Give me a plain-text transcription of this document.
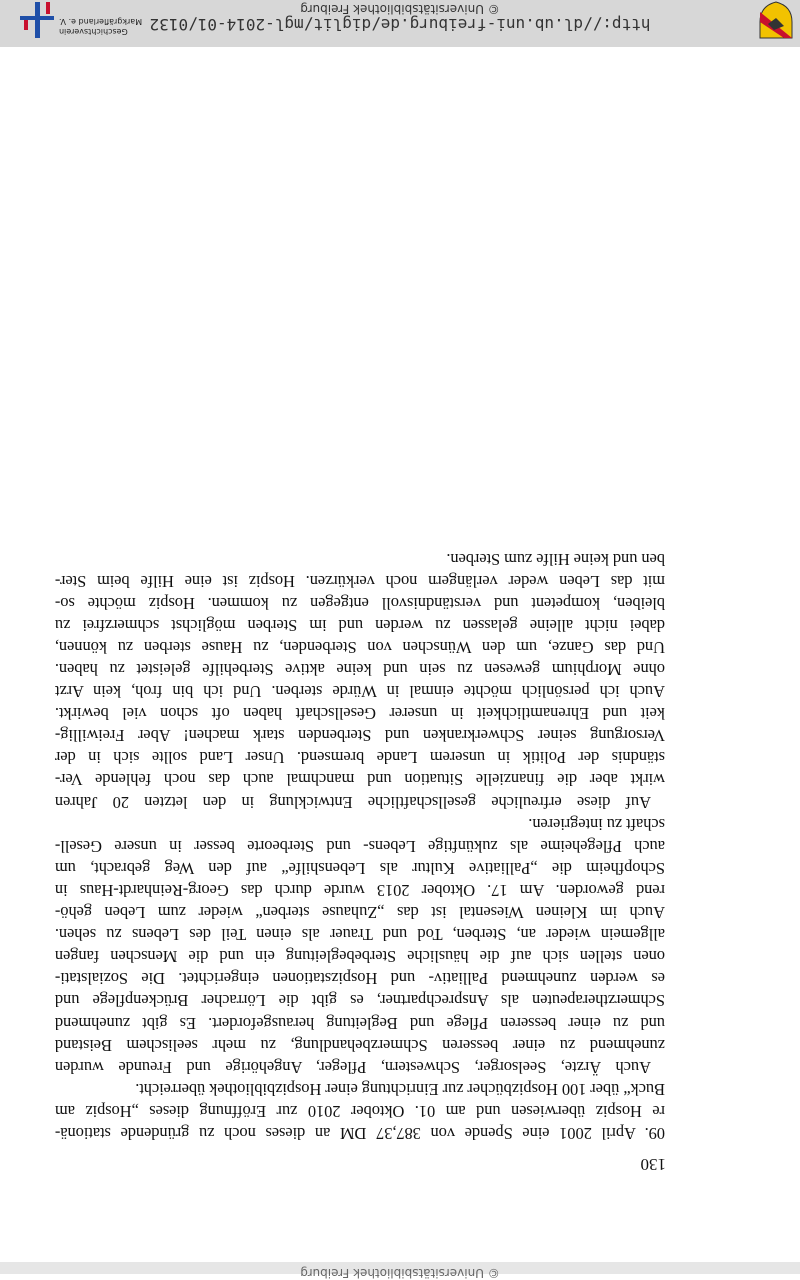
© Universitätsbibliothek Freiburg
130
09. April 2001 eine Spende von 387,37 DM an dieses noch zu gründende stationä-
re Hospiz überwiesen und am 01. Oktober 2010 zur Eröffnung dieses „Hospiz am
Buck“ über 100 Hospizbücher zur Einrichtung einer Hospizbibliothek überreicht.
Auch Ärzte, Seelsorger, Schwestern, Pfleger, Angehörige und Freunde wurden
zunehmend zu einer besseren Schmerzbehandlung, zu mehr seelischem Beistand
und zu einer besseren Pflege und Begleitung herausgefordert. Es gibt zunehmend
Schmerztherapeuten als Ansprechpartner, es gibt die Lörracher Brückenpflege und
es werden zunehmend Palliativ- und Hospizstationen eingerichtet. Die Sozialstati-
onen stellen sich auf die häusliche Sterbebegleitung ein und die Menschen fangen
allgemein wieder an, Sterben, Tod und Trauer als einen Teil des Lebens zu sehen.
Auch im Kleinen Wiesental ist das „Zuhause sterben“ wieder zum Leben gehö-
rend geworden. Am 17. Oktober 2013 wurde durch das Georg-Reinhardt-Haus in
Schopfheim die „Palliative Kultur als Lebenshilfe“ auf den Weg gebracht, um
auch Pflegeheime als zukünftige Lebens- und Sterbeorte besser in unsere Gesell-
schaft zu integrieren.
Auf diese erfreuliche gesellschaftliche Entwicklung in den letzten 20 Jahren
wirkt aber die finanzielle Situation und manchmal auch das noch fehlende Ver-
ständnis der Politik in unserem Lande bremsend. Unser Land sollte sich in der
Versorgung seiner Schwerkranken und Sterbenden stark machen! Aber Freiwillig-
keit und Ehrenamtlichkeit in unserer Gesellschaft haben oft schon viel bewirkt.
Auch ich persönlich möchte einmal in Würde sterben. Und ich bin froh, kein Arzt
ohne Morphium gewesen zu sein und keine aktive Sterbehilfe geleistet zu haben.
Und das Ganze, um den Wünschen von Sterbenden, zu Hause sterben zu können,
dabei nicht alleine gelassen zu werden und im Sterben möglichst schmerzfrei zu
bleiben, kompetent und verständnisvoll entgegen zu kommen. Hospiz möchte so-
mit das Leben weder verlängern noch verkürzen. Hospiz ist eine Hilfe beim Ster-
ben und keine Hilfe zum Sterben.
Geschichtsverein
Markgräflerland e. V. http://dl.ub.uni-freiburg.de/diglit/mgl-2014-01/0132
© Universitätsbibliothek Freiburg
